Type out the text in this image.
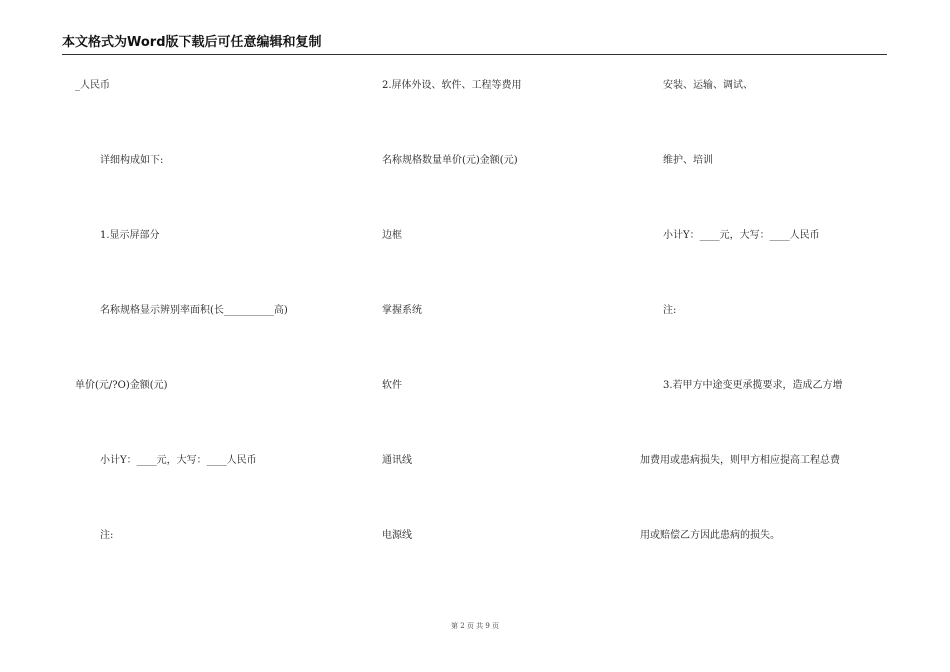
本文格式为Word版下载后可任意编辑和复制
_人民币
详细构成如下:
1.显示屏部分
名称规格显示辨别率面积(长__________高)
单价(元/?O)金额(元)
小计Y：____元，大写：____人民币
注:
2.屏体外设、软件、工程等费用
名称规格数量单价(元)金额(元)
边框
掌握系统
软件
通讯线
电源线
安装、运输、调试、
维护、培训
小计Y：____元，大写：____人民币
注:
3.若甲方中途变更承揽要求，造成乙方增
加费用或患病损失，则甲方相应提高工程总费
用或赔偿乙方因此患病的损失。
第 2 页 共 9 页
